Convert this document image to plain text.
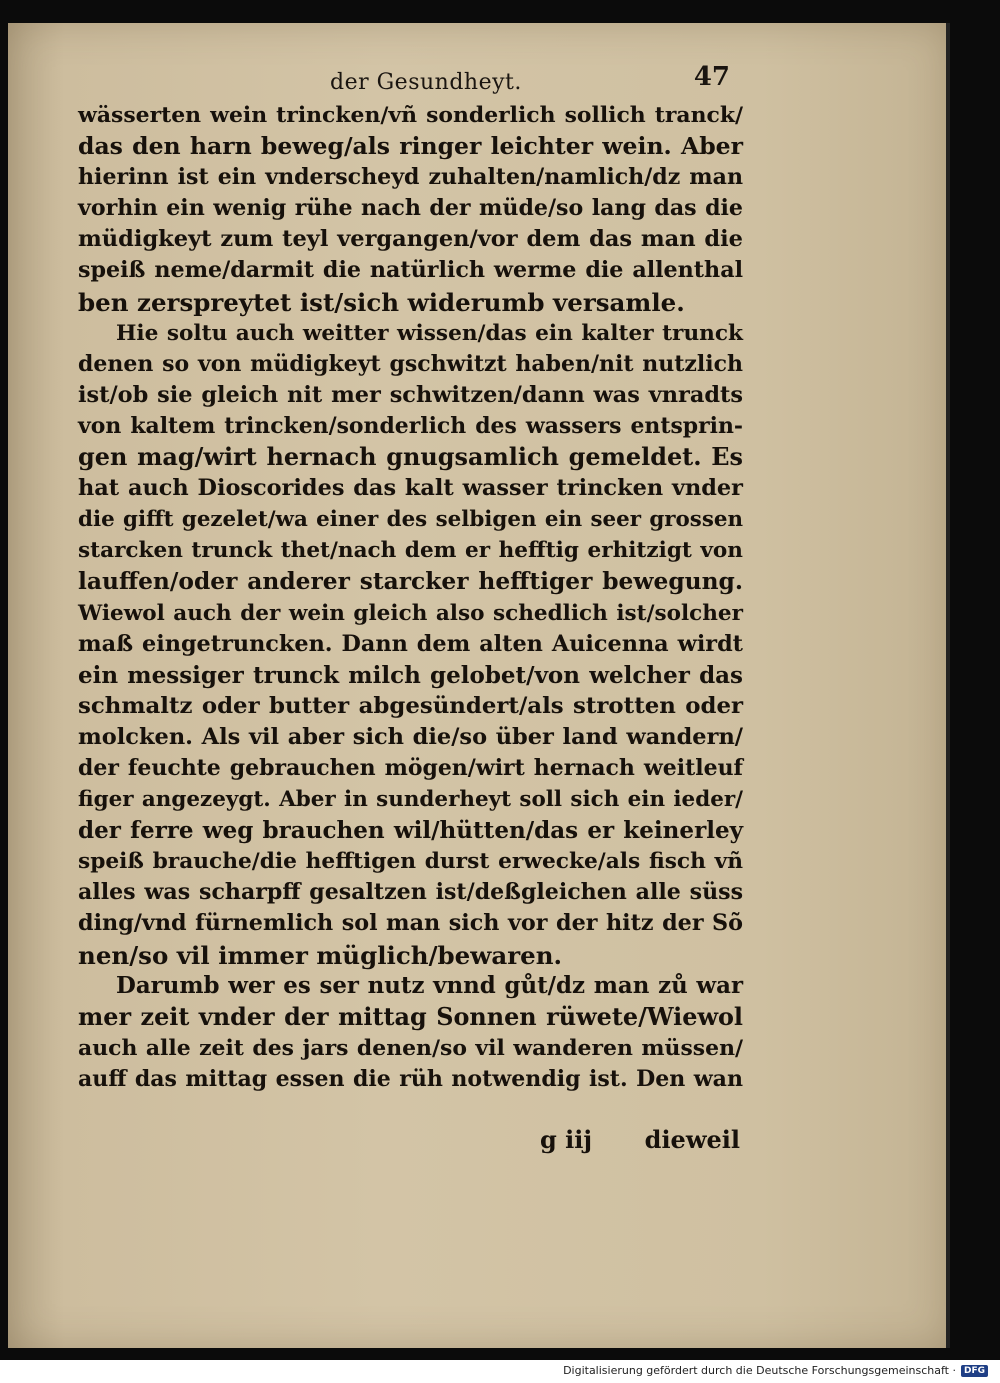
der Gesundheyt.	47
wässerten wein trincken/vñ sonderlich sollich tranck/
das den harn beweg/als ringer leichter wein. Aber
hierinn ist ein vnderscheyd zuhalten/namlich/dz man
vorhin ein wenig rühe nach der müde/so lang das die
müdigkeyt zum teyl vergangen/vor dem das man die
speiß neme/darmit die natürlich werme die allenthal
ben zerspreytet ist/sich widerumb versamle.
Hie soltu auch weitter wissen/das ein kalter trunck
denen so von müdigkeyt gschwitzt haben/nit nutzlich
ist/ob sie gleich nit mer schwitzen/dann was vnradts
von kaltem trincken/sonderlich des wassers entsprin-
gen mag/wirt hernach gnugsamlich gemeldet. Es
hat auch Dioscorides das kalt wasser trincken vnder
die gifft gezelet/wa einer des selbigen ein seer grossen
starcken trunck thet/nach dem er hefftig erhitzigt von
lauffen/oder anderer starcker hefftiger bewegung.
Wiewol auch der wein gleich also schedlich ist/solcher
maß eingetruncken. Dann dem alten Auicenna wirdt
ein messiger trunck milch gelobet/von welcher das
schmaltz oder butter abgesündert/als strotten oder
molcken. Als vil aber sich die/so über land wandern/
der feuchte gebrauchen mögen/wirt hernach weitleuf
figer angezeygt. Aber in sunderheyt soll sich ein ieder/
der ferre weg brauchen wil/hütten/das er keinerley
speiß brauche/die hefftigen durst erwecke/als fisch vñ
alles was scharpff gesaltzen ist/deßgleichen alle süss
ding/vnd fürnemlich sol man sich vor der hitz der Sõ
nen/so vil immer müglich/bewaren.
Darumb wer es ser nutz vnnd gůt/dz man zů war
mer zeit vnder der mittag Sonnen rüwete/Wiewol
auch alle zeit des jars denen/so vil wanderen müssen/
auff das mittag essen die rüh notwendig ist. Den wan
g iij dieweil
Digitalisierung gefördert durch die Deutsche Forschungsgemeinschaft · DFG
